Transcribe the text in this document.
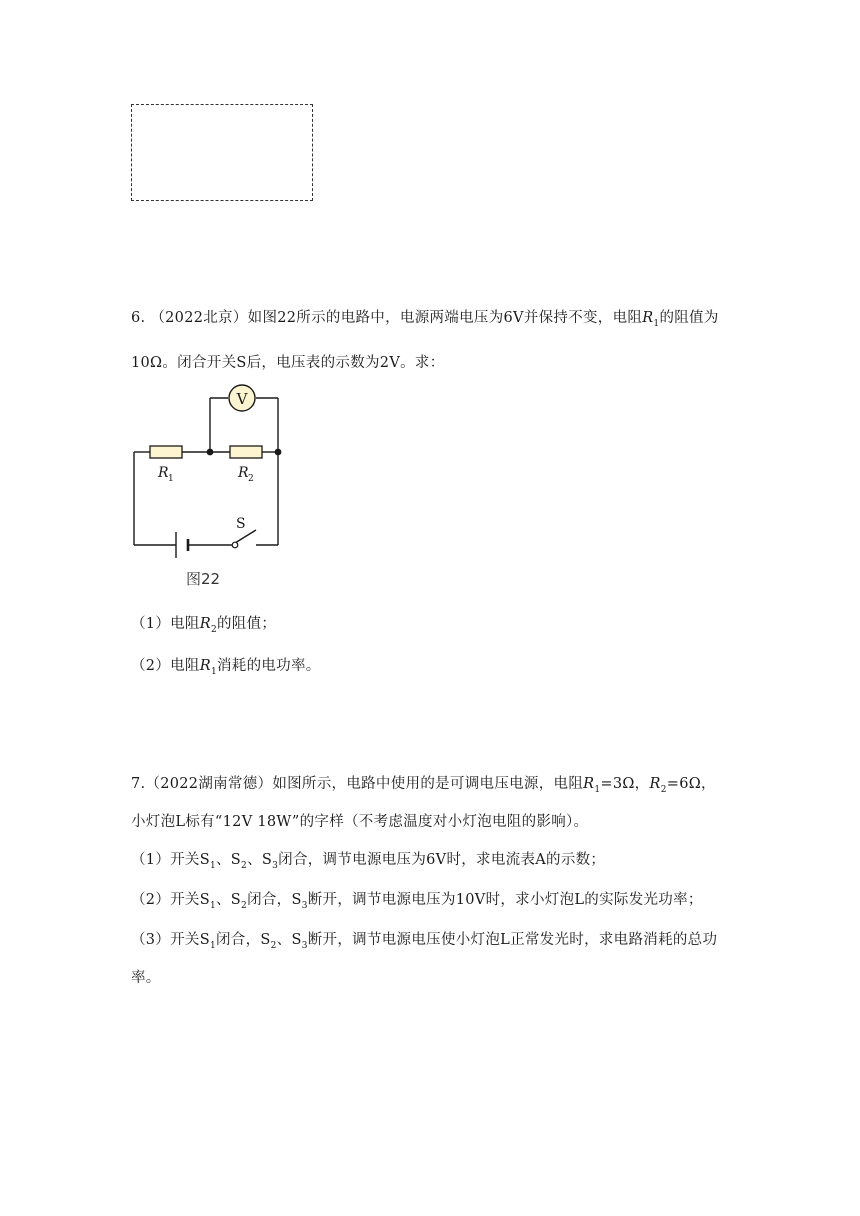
6. （2022北京）如图22所示的电路中，电源两端电压为6V并保持不变，电阻$R_1$的阻值为
10Ω。闭合开关S后，电压表的示数为2V。求：
V
R 1	R 2
S
图22
（1）电阻$R_2$的阻值；
（2）电阻$R_1$消耗的电功率。
7.（2022湖南常德）如图所示，电路中使用的是可调电压电源，电阻$R_1=3\Omega$，$R_2=6\Omega$，
小灯泡L标有“12V 18W”的字样（不考虑温度对小灯泡电阻的影响）。
（1）开关$S_1$、$S_2$、$S_3$闭合，调节电源电压为6V时，求电流表A的示数；
（2）开关$S_1$、$S_2$闭合，$S_3$断开，调节电源电压为10V时，求小灯泡L的实际发光功率；
（3）开关$S_1$闭合，$S_2$、$S_3$断开，调节电源电压使小灯泡L正常发光时，求电路消耗的总功
率。
